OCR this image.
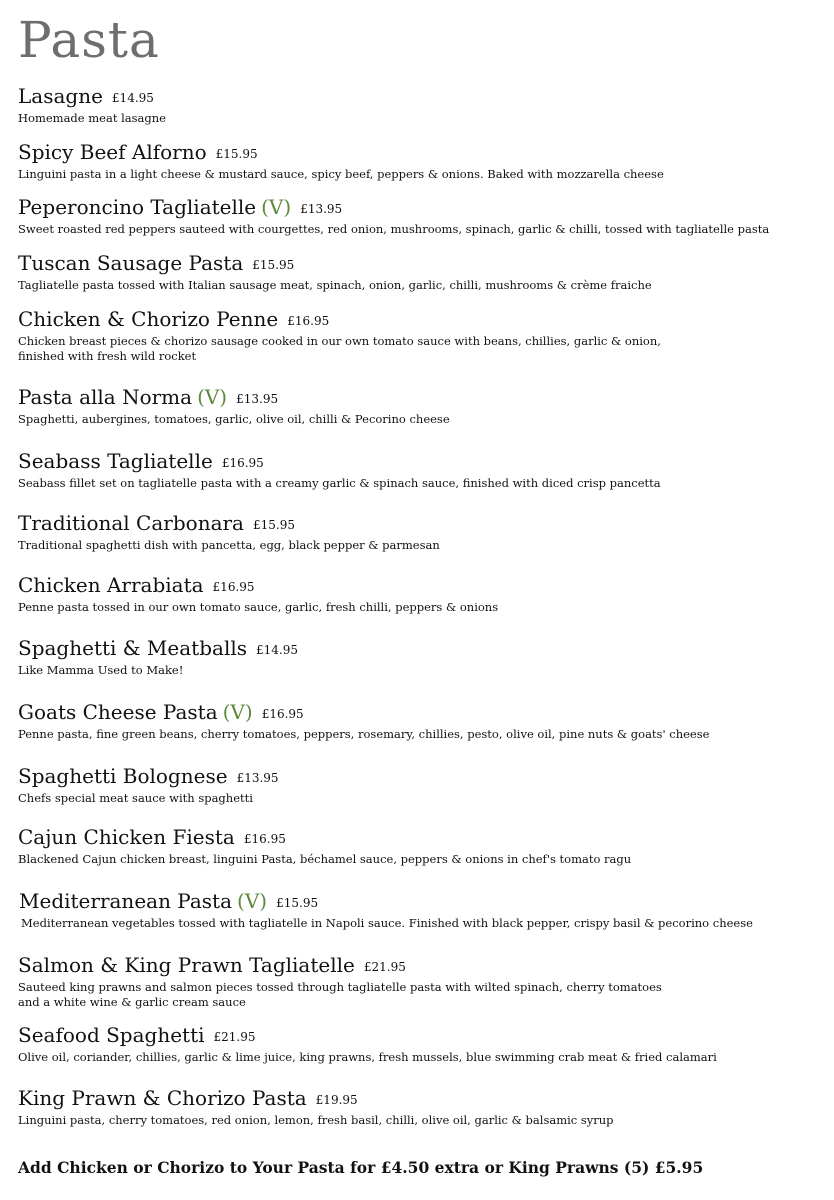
Pasta
Lasagne £14.95
Homemade meat lasagne
Spicy Beef Alforno £15.95
Linguini pasta in a light cheese & mustard sauce, spicy beef, peppers & onions. Baked with mozzarella cheese
Peperoncino Tagliatelle (V) £13.95
Sweet roasted red peppers sauteed with courgettes, red onion, mushrooms, spinach, garlic & chilli, tossed with tagliatelle pasta
Tuscan Sausage Pasta £15.95
Tagliatelle pasta tossed with Italian sausage meat, spinach, onion, garlic, chilli, mushrooms & crème fraiche
Chicken & Chorizo Penne £16.95
Chicken breast pieces & chorizo sausage cooked in our own tomato sauce with beans, chillies, garlic & onion,
finished with fresh wild rocket
Pasta alla Norma (V) £13.95
Spaghetti, aubergines, tomatoes, garlic, olive oil, chilli & Pecorino cheese
Seabass Tagliatelle £16.95
Seabass fillet set on tagliatelle pasta with a creamy garlic & spinach sauce, finished with diced crisp pancetta
Traditional Carbonara £15.95
Traditional spaghetti dish with pancetta, egg, black pepper & parmesan
Chicken Arrabiata £16.95
Penne pasta tossed in our own tomato sauce, garlic, fresh chilli, peppers & onions
Spaghetti & Meatballs £14.95
Like Mamma Used to Make!
Goats Cheese Pasta (V) £16.95
Penne pasta, fine green beans, cherry tomatoes, peppers, rosemary, chillies, pesto, olive oil, pine nuts & goats' cheese
Spaghetti Bolognese £13.95
Chefs special meat sauce with spaghetti
Cajun Chicken Fiesta £16.95
Blackened Cajun chicken breast, linguini Pasta, béchamel sauce, peppers & onions in chef's tomato ragu
Mediterranean Pasta (V) £15.95
Mediterranean vegetables tossed with tagliatelle in Napoli sauce. Finished with black pepper, crispy basil & pecorino cheese
Salmon & King Prawn Tagliatelle £21.95
Sauteed king prawns and salmon pieces tossed through tagliatelle pasta with wilted spinach, cherry tomatoes
and a white wine & garlic cream sauce
Seafood Spaghetti £21.95
Olive oil, coriander, chillies, garlic & lime juice, king prawns, fresh mussels, blue swimming crab meat & fried calamari
King Prawn & Chorizo Pasta £19.95
Linguini pasta, cherry tomatoes, red onion, lemon, fresh basil, chilli, olive oil, garlic & balsamic syrup
Add Chicken or Chorizo to Your Pasta for £4.50 extra or King Prawns (5) £5.95
